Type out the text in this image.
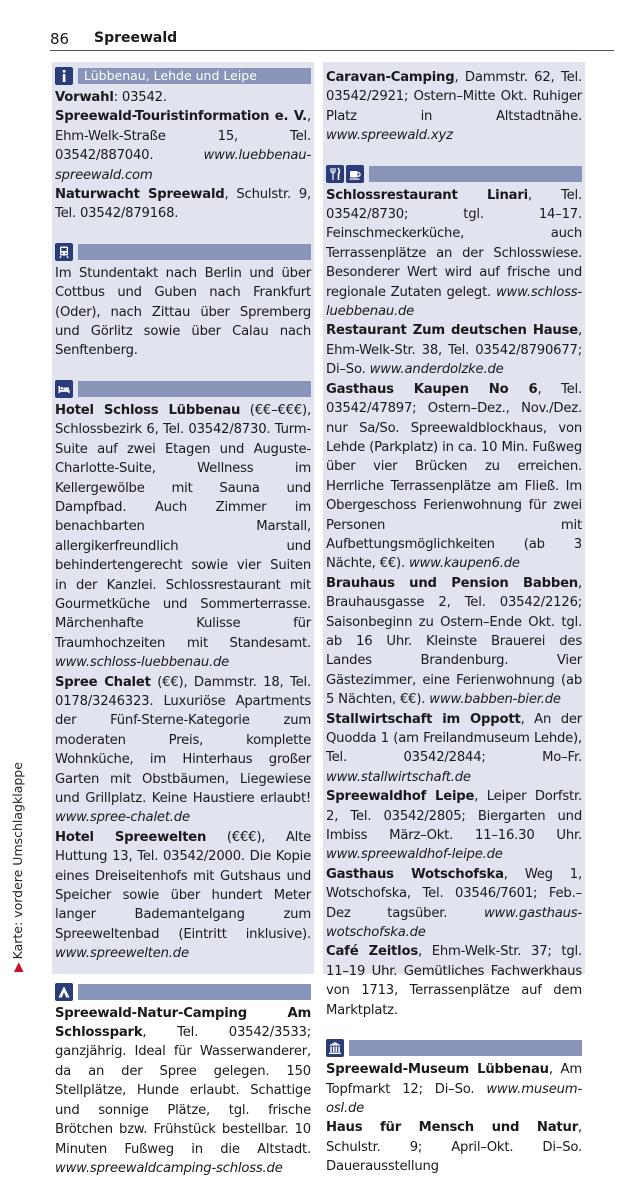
86 Spreewald
Lübbenau, Lehde und Leipe

Vorwahl: 03542.

Spreewald-Touristinformation e. V., Ehm-Welk-Straße 15, Tel. 03542/887040.	www.luebbenau-spreewald.com

Naturwacht Spreewald, Schulstr. 9, Tel. 03542/879168.

Im Stundentakt nach Berlin und über Cottbus und Guben nach Frankfurt (Oder), nach Zittau über Spremberg und Görlitz sowie über Calau nach Senftenberg.

Hotel Schloss Lübbenau (€€–€€€), Schlossbezirk 6, Tel. 03542/8730. Turm-Suite auf zwei Etagen und Auguste-Charlotte-Suite, Wellness im Kellergewölbe mit Sauna und Dampfbad. Auch Zimmer im benachbarten Marstall, allergikerfreundlich und behindertengerecht sowie vier Suiten in der Kanzlei. Schlossrestaurant mit Gourmetküche und Sommerterrasse. Märchenhafte Kulisse für Traumhochzeiten mit Standesamt. www.schloss-luebbenau.de

Spree Chalet (€€), Dammstr. 18, Tel. 0178/3246323. Luxuriöse Apartments der Fünf-Sterne-Kategorie zum moderaten Preis, komplette Wohnküche, im Hinterhaus großer Garten mit Obstbäumen, Liegewiese und Grillplatz. Keine Haustiere erlaubt! www.spree-chalet.de

Hotel Spreewelten (€€€), Alte Huttung 13, Tel. 03542/2000. Die Kopie eines Dreiseitenhofs mit Gutshaus und Speicher sowie über hundert Meter langer Bademantelgang zum Spreeweltenbad (Eintritt inklusive). www.spreewelten.de

Spreewald-Natur-Camping Am Schlosspark, Tel. 03542/3533; ganzjährig. Ideal für Wasserwanderer, da an der Spree gelegen. 150 Stellplätze, Hunde erlaubt. Schattige und sonnige Plätze, tgl. frische Brötchen bzw. Frühstück bestellbar. 10 Minuten Fußweg in die Altstadt. www.spreewaldcamping-schloss.de

Caravan-Camping, Dammstr. 62, Tel. 03542/2921; Ostern–Mitte Okt. Ruhiger Platz in Altstadtnähe. www.spreewald.xyz

Schlossrestaurant Linari, Tel. 03542/8730; tgl. 14–17. Feinschmeckerküche, auch Terrassenplätze an der Schlosswiese. Besonderer Wert wird auf frische und regionale Zutaten gelegt. www.schloss-luebbenau.de

Restaurant Zum deutschen Hause, Ehm-Welk-Str. 38, Tel. 03542/8790677; Di–So. www.anderdolzke.de

Gasthaus Kaupen No 6, Tel. 03542/47897; Ostern–Dez., Nov./Dez. nur Sa/So. Spreewaldblockhaus, von Lehde (Parkplatz) in ca. 10 Min. Fußweg über vier Brücken zu erreichen. Herrliche Terrassenplätze am Fließ. Im Obergeschoss Ferienwohnung für zwei Personen mit Aufbettungsmöglichkeiten (ab 3 Nächte, €€). www.kaupen6.de

Brauhaus und Pension Babben, Brauhausgasse 2, Tel. 03542/2126; Saisonbeginn zu Ostern–Ende Okt. tgl. ab 16 Uhr. Kleinste Brauerei des Landes Brandenburg. Vier Gästezimmer, eine Ferienwohnung (ab 5 Nächten, €€). www.babben-bier.de

Stallwirtschaft im Oppott, An der Quodda 1 (am Freilandmuseum Lehde), Tel. 03542/2844; Mo–Fr. www.stallwirtschaft.de

Spreewaldhof Leipe, Leiper Dorfstr. 2, Tel. 03542/2805; Biergarten und Imbiss März–Okt. 11–16.30 Uhr. www.spreewaldhof-leipe.de

Gasthaus Wotschofska, Weg 1, Wotschofska, Tel. 03546/7601; Feb.–Dez tagsüber.	www.gasthaus-wotschofska.de

Café Zeitlos, Ehm-Welk-Str. 37; tgl. 11–19 Uhr. Gemütliches Fachwerkhaus von 1713, Terrassenplätze auf dem Marktplatz.

Spreewald-Museum Lübbenau, Am Topfmarkt 12; Di–So. www.museum-osl.de

Haus für Mensch und Natur, Schulstr. 9; April–Okt. Di–So. Dauerausstellung

▶Karte: vordere Umschlagklappe
